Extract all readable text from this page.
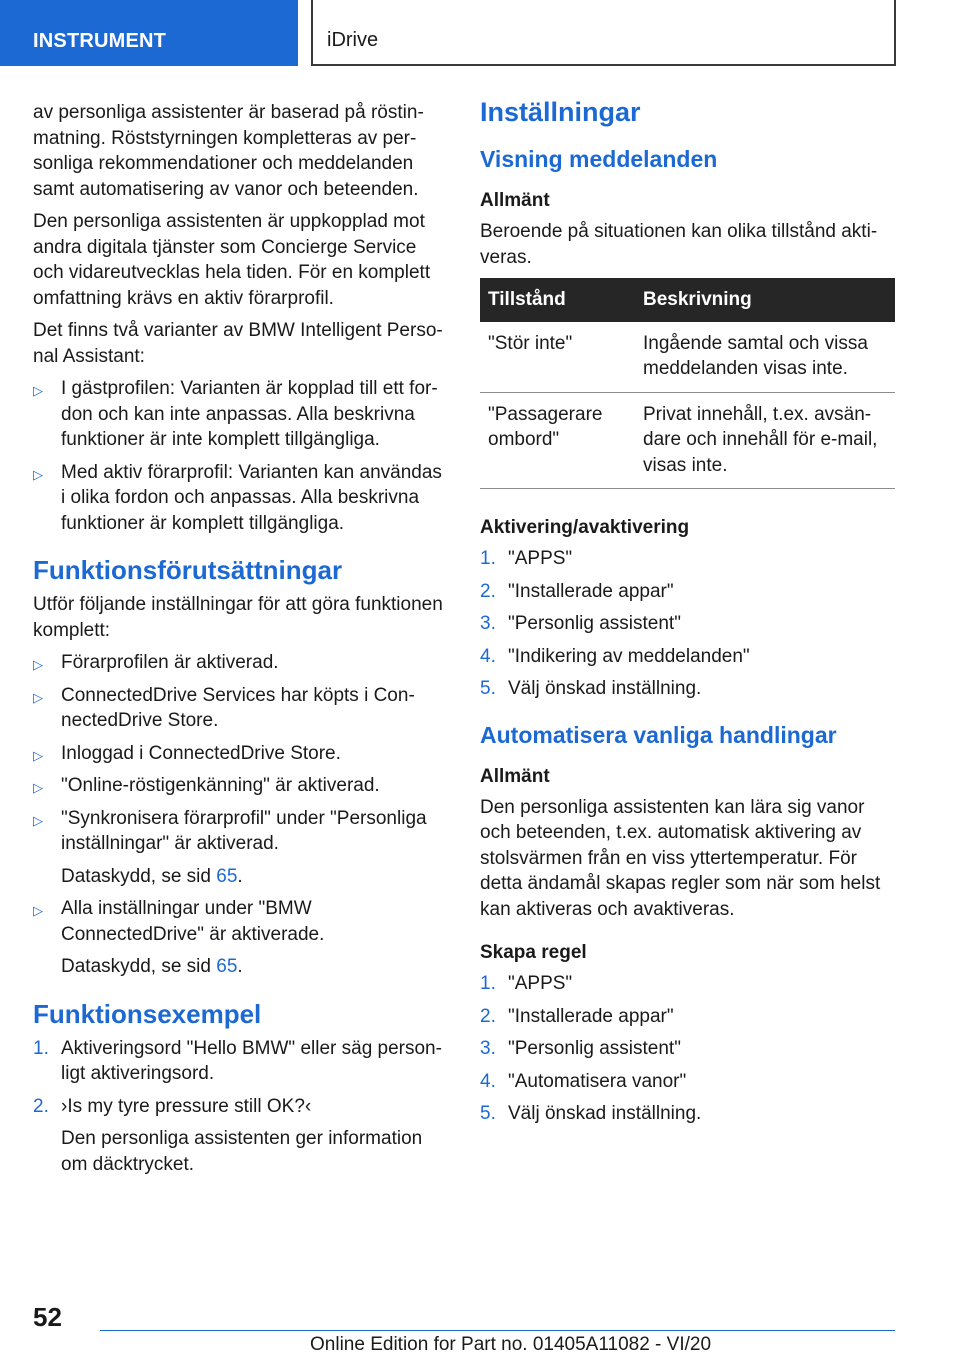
INSTRUMENT	iDrive

av personliga assistenter är baserad på röstinmatning. Röststyrningen kompletteras av personliga rekommendationer och meddelanden samt automatisering av vanor och beteenden.

Den personliga assistenten är uppkopplad mot andra digitala tjänster som Concierge Service och vidareutvecklas hela tiden. För en komplett omfattning krävs en aktiv förarprofil.

Det finns två varianter av BMW Intelligent Personal Assistant:

▷ I gästprofilen: Varianten är kopplad till ett fordon och kan inte anpassas. Alla beskrivna funktioner är inte komplett tillgängliga.
▷ Med aktiv förarprofil: Varianten kan användas i olika fordon och anpassas. Alla beskrivna funktioner är komplett tillgängliga.
Funktionsförutsättningar

Utför följande inställningar för att göra funktionen komplett:

▷ Förarprofilen är aktiverad.
▷ ConnectedDrive Services har köpts i ConnectedDrive Store.
▷ Inloggad i ConnectedDrive Store.
▷ "Online-röstigenkänning" är aktiverad.
▷ "Synkronisera förarprofil" under "Personliga inställningar" är aktiverad.
Dataskydd, se sid 65.
▷ Alla inställningar under "BMW ConnectedDrive" är aktiverade.
Dataskydd, se sid 65.
Funktionsexempel
1. Aktiveringsord "Hello BMW" eller säg personligt aktiveringsord.
2. ›Is my tyre pressure still OK?‹
Den personliga assistenten ger information om däcktrycket.
Inställningar
Visning meddelanden
Allmänt

Beroende på situationen kan olika tillstånd aktiveras.

Tillstånd	Beskrivning
"Stör inte"	Ingående samtal och vissa meddelanden visas inte.
"Passagerare ombord"	Privat innehåll, t.ex. avsändare och innehåll för e-mail, visas inte.
Aktivering/avaktivering
1. "APPS"
2. "Installerade appar"
3. "Personlig assistent"
4. "Indikering av meddelanden"
5. Välj önskad inställning.
Automatisera vanliga handlingar
Allmänt

Den personliga assistenten kan lära sig vanor och beteenden, t.ex. automatisk aktivering av stolsvärmen från en viss yttertemperatur. För detta ändamål skapas regler som när som helst kan aktiveras och avaktiveras.

Skapa regel
1. "APPS"
2. "Installerade appar"
3. "Personlig assistent"
4. "Automatisera vanor"
5. Välj önskad inställning.
52
Online Edition for Part no. 01405A11082 - VI/20
